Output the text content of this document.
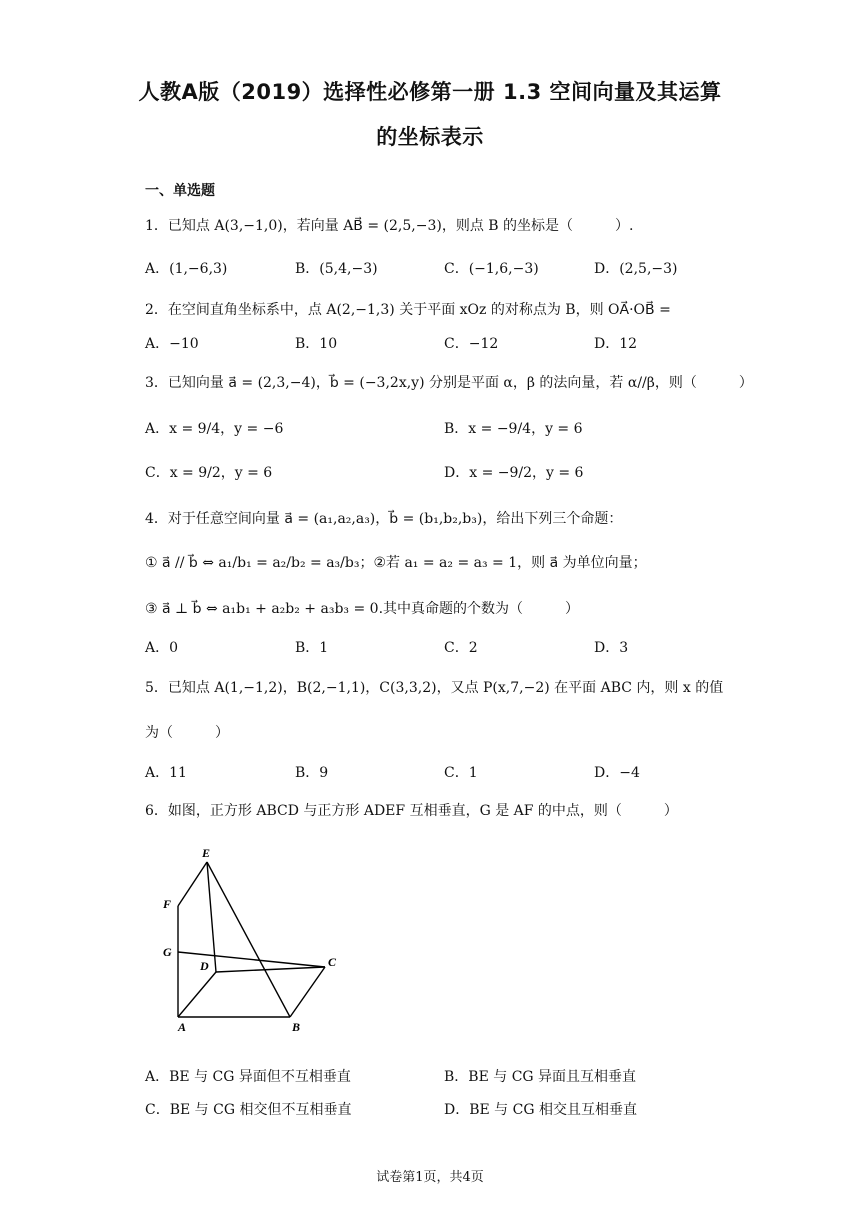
人教A版（2019）选择性必修第一册 1.3 空间向量及其运算
的坐标表示
一、单选题
1．已知点 A(3,−1,0)，若向量 AB⃗ = (2,5,−3)，则点 B 的坐标是（　　　）.
A．(1,−6,3)	B．(5,4,−3)	C．(−1,6,−3)	D．(2,5,−3)
2．在空间直角坐标系中，点 A(2,−1,3) 关于平面 xOz 的对称点为 B，则 OA⃗·OB⃗ =
A．−10	B．10	C．−12	D．12
3．已知向量 a⃗ = (2,3,−4)，b⃗ = (−3,2x,y) 分别是平面 α，β 的法向量，若 α//β，则（　　　）
A．x = 9/4，y = −6	B．x = −9/4，y = 6
C．x = 9/2，y = 6	D．x = −9/2，y = 6
4．对于任意空间向量 a⃗ = (a₁,a₂,a₃)，b⃗ = (b₁,b₂,b₃)，给出下列三个命题：
① a⃗ // b⃗ ⇔ a₁/b₁ = a₂/b₂ = a₃/b₃；②若 a₁ = a₂ = a₃ = 1，则 a⃗ 为单位向量；
③ a⃗ ⊥ b⃗ ⇔ a₁b₁ + a₂b₂ + a₃b₃ = 0.其中真命题的个数为（　　　）
A．0	B．1	C．2	D．3
5．已知点 A(1,−1,2)，B(2,−1,1)，C(3,3,2)，又点 P(x,7,−2) 在平面 ABC 内，则 x 的值
为（　　　）
A．11	B．9	C．1	D．−4
6．如图，正方形 ABCD 与正方形 ADEF 互相垂直，G 是 AF 的中点，则（　　　）
E
F
G
D	C
A	B
A．BE 与 CG 异面但不互相垂直	B．BE 与 CG 异面且互相垂直
C．BE 与 CG 相交但不互相垂直	D．BE 与 CG 相交且互相垂直
试卷第1页，共4页
